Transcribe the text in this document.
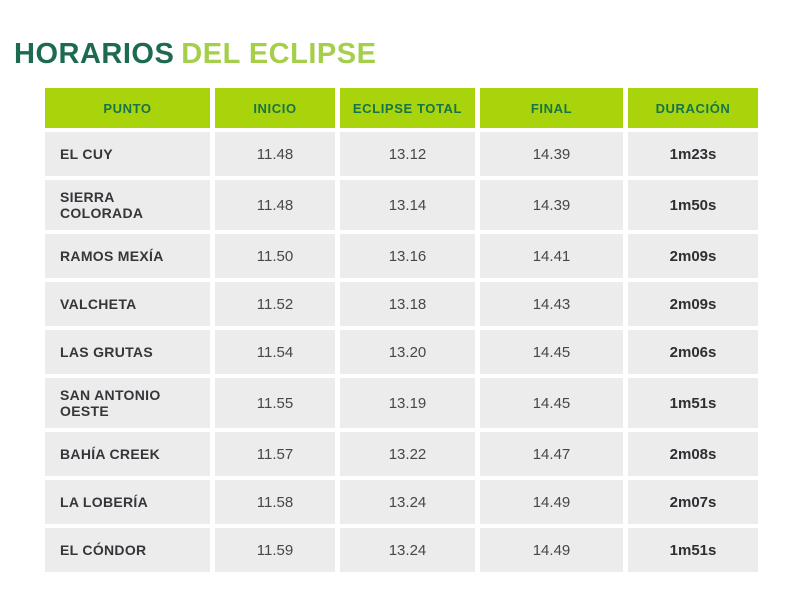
HORARIOS DEL ECLIPSE
PUNTO	INICIO	ECLIPSE TOTAL	FINAL	DURACIÓN
EL CUY	11.48	13.12	14.39	1m23s
SIERRA COLORADA	11.48	13.14	14.39	1m50s
RAMOS MEXÍA	11.50	13.16	14.41	2m09s
VALCHETA	11.52	13.18	14.43	2m09s
LAS GRUTAS	11.54	13.20	14.45	2m06s
SAN ANTONIO OESTE	11.55	13.19	14.45	1m51s
BAHÍA CREEK	11.57	13.22	14.47	2m08s
LA LOBERÍA	11.58	13.24	14.49	2m07s
EL CÓNDOR	11.59	13.24	14.49	1m51s
